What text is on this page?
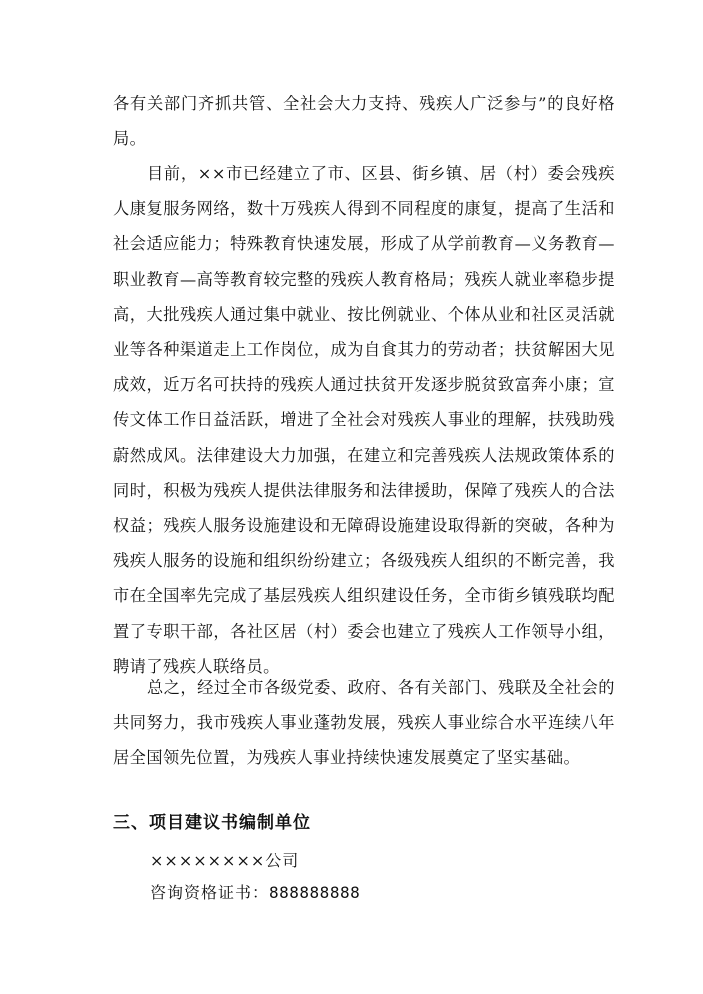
各有关部门齐抓共管、全社会大力支持、残疾人广泛参与”的良好格局。

目前，××市已经建立了市、区县、街乡镇、居（村）委会残疾人康复服务网络，数十万残疾人得到不同程度的康复，提高了生活和社会适应能力；特殊教育快速发展，形成了从学前教育—义务教育—职业教育—高等教育较完整的残疾人教育格局；残疾人就业率稳步提高，大批残疾人通过集中就业、按比例就业、个体从业和社区灵活就业等各种渠道走上工作岗位，成为自食其力的劳动者；扶贫解困大见成效，近万名可扶持的残疾人通过扶贫开发逐步脱贫致富奔小康；宣传文体工作日益活跃，增进了全社会对残疾人事业的理解，扶残助残蔚然成风。法律建设大力加强，在建立和完善残疾人法规政策体系的同时，积极为残疾人提供法律服务和法律援助，保障了残疾人的合法权益；残疾人服务设施建设和无障碍设施建设取得新的突破，各种为残疾人服务的设施和组织纷纷建立；各级残疾人组织的不断完善，我市在全国率先完成了基层残疾人组织建设任务，全市街乡镇残联均配置了专职干部，各社区居（村）委会也建立了残疾人工作领导小组，聘请了残疾人联络员。

总之，经过全市各级党委、政府、各有关部门、残联及全社会的共同努力，我市残疾人事业蓬勃发展，残疾人事业综合水平连续八年居全国领先位置，为残疾人事业持续快速发展奠定了坚实基础。

三、项目建议书编制单位

××××××××公司

咨询资格证书：888888888
